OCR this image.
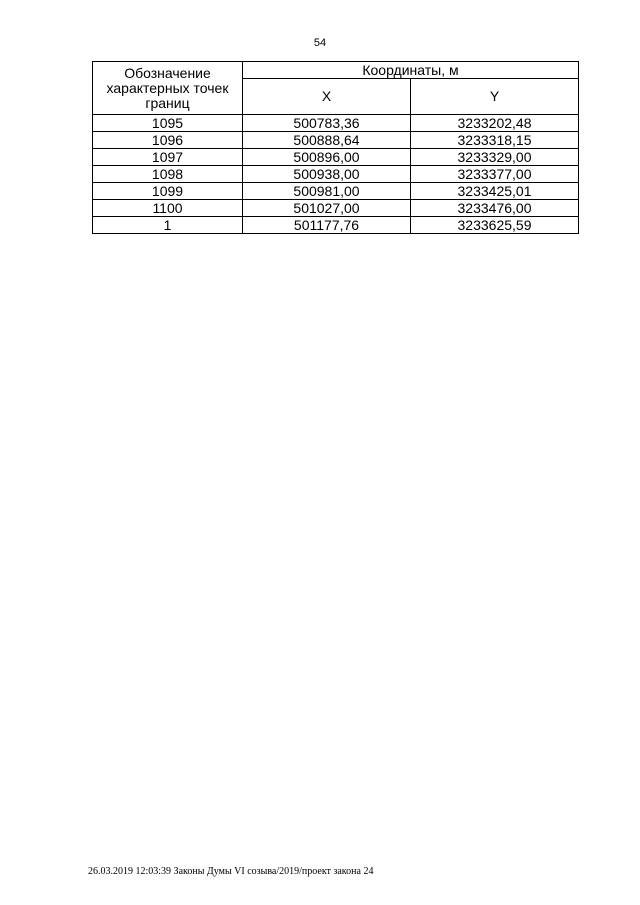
54
Обозначение характерных точек границ	Координаты, м	
	X	Y
1095	500783,36	3233202,48
1096	500888,64	3233318,15
1097	500896,00	3233329,00
1098	500938,00	3233377,00
1099	500981,00	3233425,01
1100	501027,00	3233476,00
1	501177,76	3233625,59
26.03.2019 12:03:39 Законы Думы VI созыва/2019/проект закона 24
